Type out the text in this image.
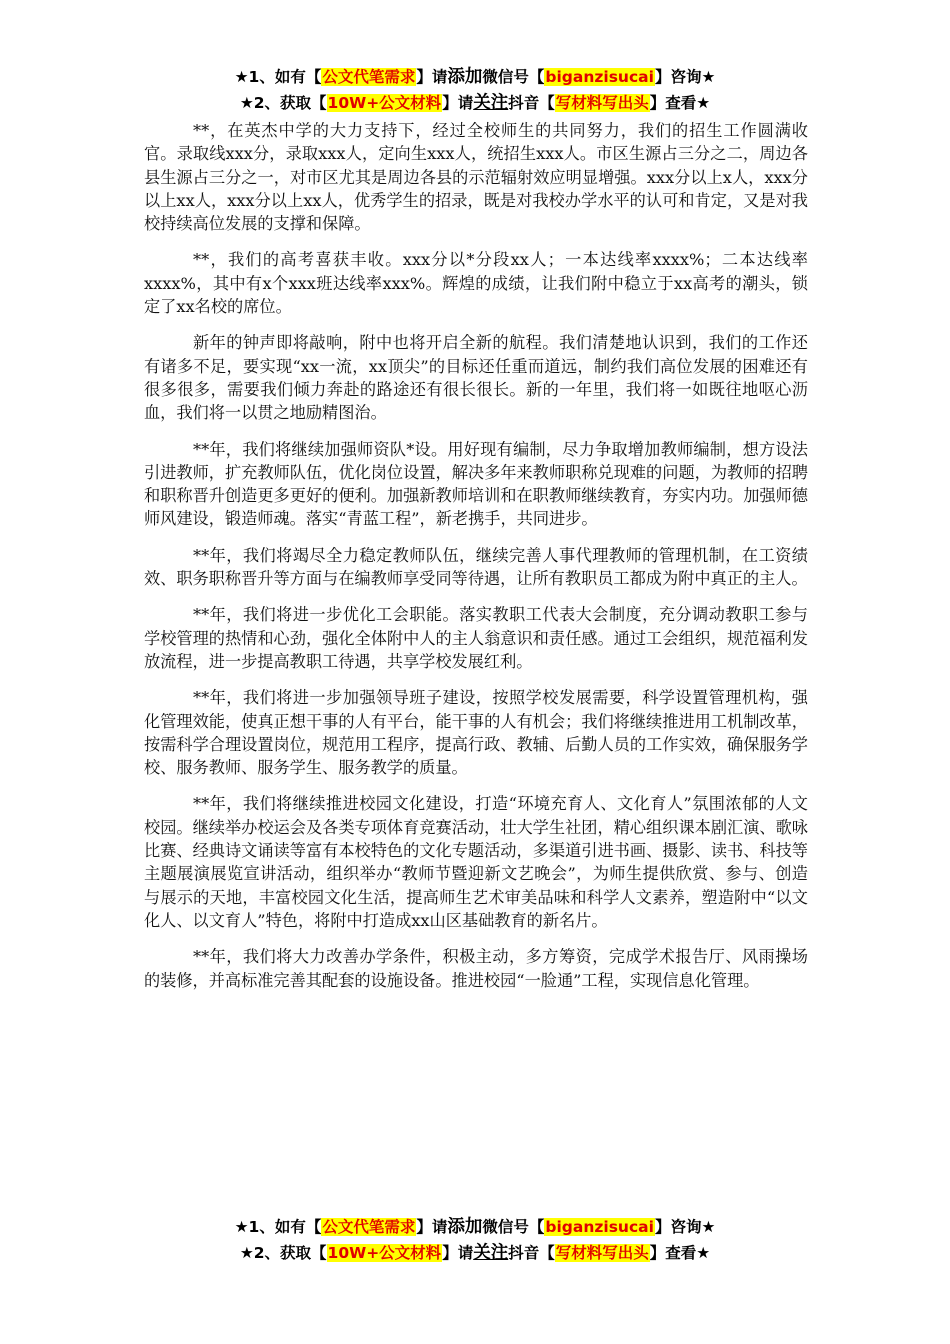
★1、如有【公文代笔需求】请添加微信号【biganzisucai】咨询★
★2、获取【10W+公文材料】请关注抖音【写材料写出头】查看★

**，在英杰中学的大力支持下，经过全校师生的共同努力，我们的招生工作圆满收官。录取线xxx分，录取xxx人，定向生xxx人，统招生xxx人。市区生源占三分之二，周边各县生源占三分之一，对市区尤其是周边各县的示范辐射效应明显增强。xxx分以上x人，xxx分以上xx人，xxx分以上xx人，优秀学生的招录，既是对我校办学水平的认可和肯定，又是对我校持续高位发展的支撑和保障。

**，我们的高考喜获丰收。xxx分以*分段xx人；一本达线率xxxx%；二本达线率xxxx%，其中有x个xxx班达线率xxx%。辉煌的成绩，让我们附中稳立于xx高考的潮头，锁定了xx名校的席位。

新年的钟声即将敲响，附中也将开启全新的航程。我们清楚地认识到，我们的工作还有诸多不足，要实现“xx一流，xx顶尖”的目标还任重而道远，制约我们高位发展的困难还有很多很多，需要我们倾力奔赴的路途还有很长很长。新的一年里，我们将一如既往地呕心沥血，我们将一以贯之地励精图治。

**年，我们将继续加强师资队*设。用好现有编制，尽力争取增加教师编制，想方设法引进教师，扩充教师队伍，优化岗位设置，解决多年来教师职称兑现难的问题，为教师的招聘和职称晋升创造更多更好的便利。加强新教师培训和在职教师继续教育，夯实内功。加强师德师风建设，锻造师魂。落实“青蓝工程”，新老携手，共同进步。

**年，我们将竭尽全力稳定教师队伍，继续完善人事代理教师的管理机制，在工资绩效、职务职称晋升等方面与在编教师享受同等待遇，让所有教职员工都成为附中真正的主人。

**年，我们将进一步优化工会职能。落实教职工代表大会制度，充分调动教职工参与学校管理的热情和心劲，强化全体附中人的主人翁意识和责任感。通过工会组织，规范福利发放流程，进一步提高教职工待遇，共享学校发展红利。

**年，我们将进一步加强领导班子建设，按照学校发展需要，科学设置管理机构，强化管理效能，使真正想干事的人有平台，能干事的人有机会；我们将继续推进用工机制改革，按需科学合理设置岗位，规范用工程序，提高行政、教辅、后勤人员的工作实效，确保服务学校、服务教师、服务学生、服务教学的质量。

**年，我们将继续推进校园文化建设，打造“环境充育人、文化育人”氛围浓郁的人文校园。继续举办校运会及各类专项体育竞赛活动，壮大学生社团，精心组织课本剧汇演、歌咏比赛、经典诗文诵读等富有本校特色的文化专题活动，多渠道引进书画、摄影、读书、科技等主题展演展览宣讲活动，组织举办“教师节暨迎新文艺晚会”，为师生提供欣赏、参与、创造与展示的天地，丰富校园文化生活，提高师生艺术审美品味和科学人文素养，塑造附中“以文化人、以文育人”特色，将附中打造成xx山区基础教育的新名片。

**年，我们将大力改善办学条件，积极主动，多方筹资，完成学术报告厅、风雨操场的装修，并高标准完善其配套的设施设备。推进校园“一脸通”工程，实现信息化管理。

★1、如有【公文代笔需求】请添加微信号【biganzisucai】咨询★
★2、获取【10W+公文材料】请关注抖音【写材料写出头】查看★
